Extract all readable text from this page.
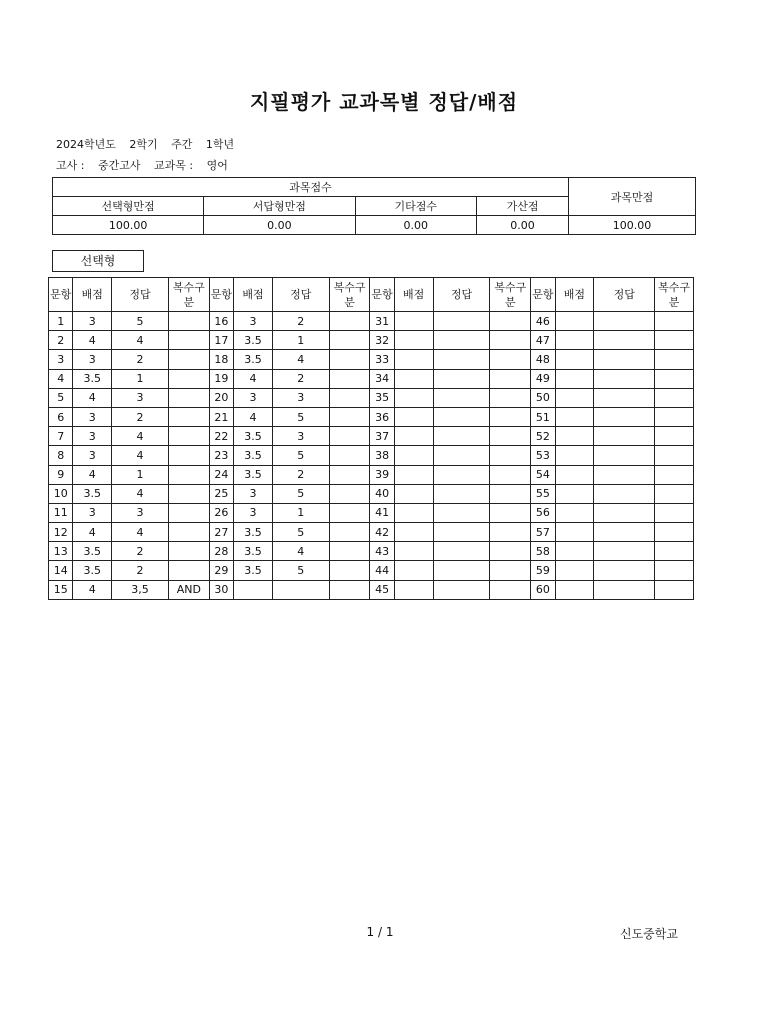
지필평가 교과목별 정답/배점
2024학년도 2학기 주간 1학년
고사 : 중간고사 교과목 : 영어
과목점수				과목만점
선택형만점	서답형만점	기타점수	가산점	
100.00	0.00	0.00	0.00	100.00
선택형
문항	배점	정답	복수구분	문항	배점	정답	복수구분	문항	배점	정답	복수구분	문항	배점	정답	복수구분
1	3	5		16	3	2		31				46			
2	4	4		17	3.5	1		32				47			
3	3	2		18	3.5	4		33				48			
4	3.5	1		19	4	2		34				49			
5	4	3		20	3	3		35				50			
6	3	2		21	4	5		36				51			
7	3	4		22	3.5	3		37				52			
8	3	4		23	3.5	5		38				53			
9	4	1		24	3.5	2		39				54			
10	3.5	4		25	3	5		40				55			
11	3	3		26	3	1		41				56			
12	4	4		27	3.5	5		42				57			
13	3.5	2		28	3.5	4		43				58			
14	3.5	2		29	3.5	5		44				59			
15	4	3,5	AND	30				45				60			
1 / 1	신도중학교
